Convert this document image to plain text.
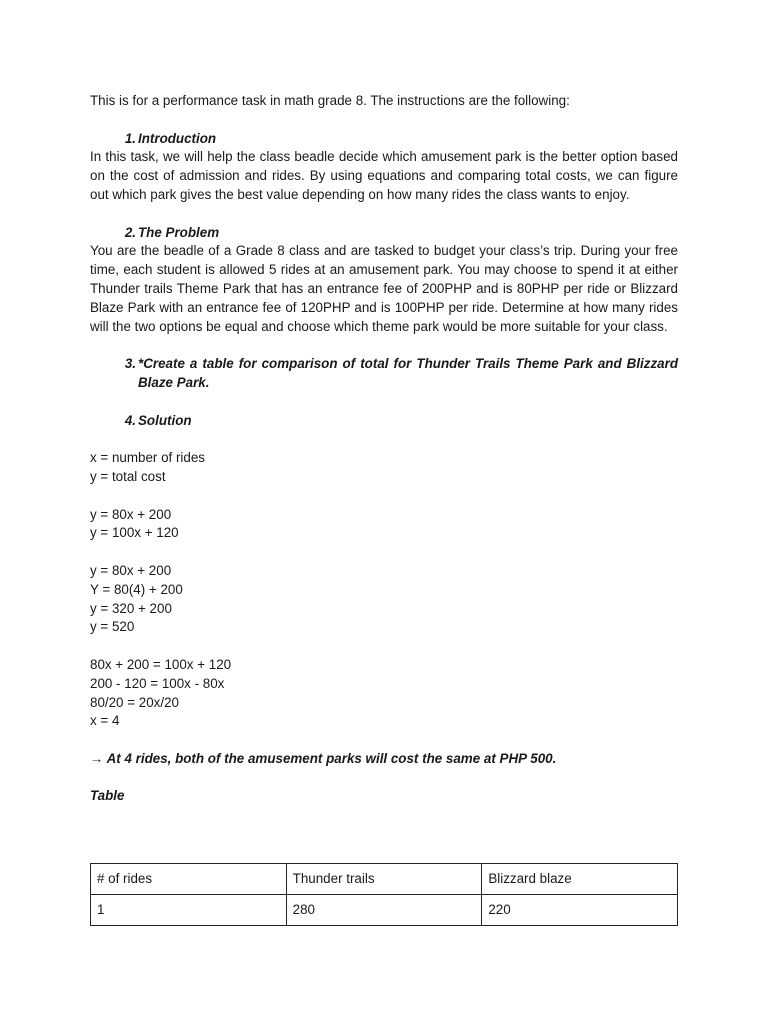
This is for a performance task in math grade 8. The instructions are the following:

1. Introduction

In this task, we will help the class beadle decide which amusement park is the better option based on the cost of admission and rides. By using equations and comparing total costs, we can figure out which park gives the best value depending on how many rides the class wants to enjoy.

2. The Problem

You are the beadle of a Grade 8 class and are tasked to budget your class’s trip. During your free time, each student is allowed 5 rides at an amusement park. You may choose to spend it at either Thunder trails Theme Park that has an entrance fee of 200PHP and is 80PHP per ride or Blizzard Blaze Park with an entrance fee of 120PHP and is 100PHP per ride. Determine at how many rides will the two options be equal and choose which theme park would be more suitable for your class.

3. *Create a table for comparison of total for Thunder Trails Theme Park and Blizzard Blaze Park.
4. Solution

x = number of rides

y = total cost

y = 80x + 200

y = 100x + 120

y = 80x + 200

Y = 80(4) + 200

y = 320 + 200

y = 520

80x + 200 = 100x + 120

200 - 120 = 100x - 80x

80/20 = 20x/20

x = 4

→ At 4 rides, both of the amusement parks will cost the same at PHP 500.

Table

# of rides	Thunder trails	Blizzard blaze
1	280	220
